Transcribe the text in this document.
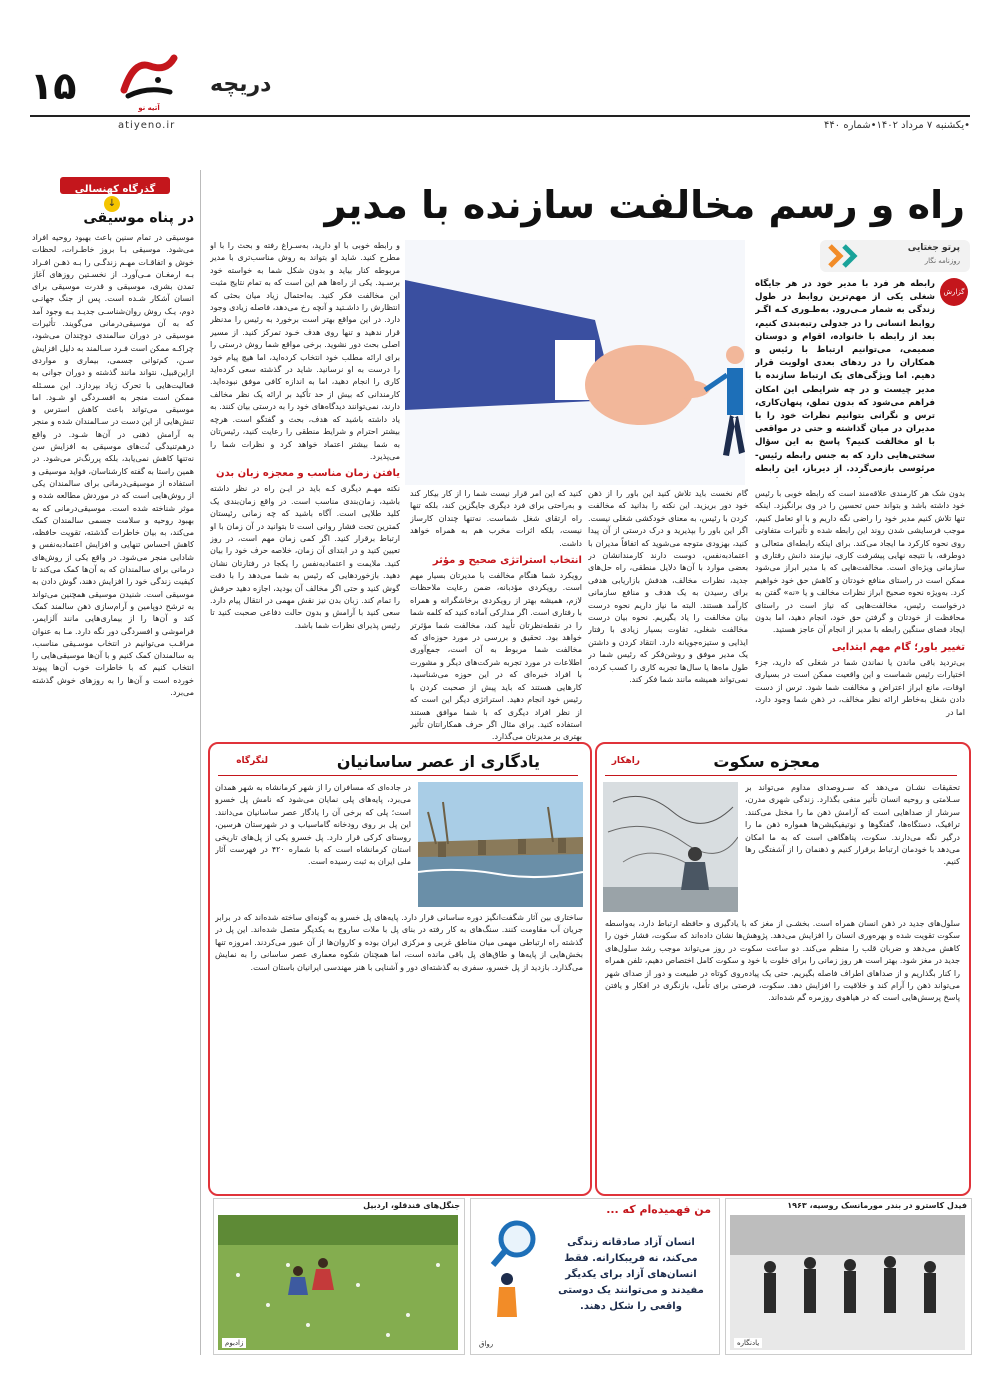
۱۵	آتیه نو
دریچه
atiyeno.ir	•یکشنبه ۷ مرداد ۱۴۰۲•شماره ۴۴۰
گذرگاه کهنسالی
↓
در پناه موسیقی
موسیقی در تمام سنین باعث بهبود روحیه افراد می‌شود. موسیقی بـا بروز خاطـرات، لحظات خوش و اتفاقـات مهـم زندگـی را بـه ذهـن افـراد بـه ارمغـان مـی‌آورد. از نخسـتین روزهای آغاز تمدن بشری، موسیقی و قدرت موسیقی برای انسان آشکار شـده است. پس از جنگ جهانـی دوم، یـک روش روان‌شناسـی جدیـد بـه وجود آمد که به آن موسیقی‌درمانی می‌گویند. تأثیرات موسیقی در دوران سالمندی دوچندان می‌شود، چراکـه ممکن است فـرد سـالمند به دلیل افزایش سـن، کم‌توانی جسمی، بیماری و مواردی ازاین‌قبیل، نتواند مانند گذشته و دوران جوانی به فعالیت‌هایی با تحرک زیاد بپردازد. این مسـئله ممکن است منجر به افسـردگی او شـود. اما موسیقی می‌تواند باعث کاهش استرس و تنش‌هایی از این دست در سـالمندان شده و منجر به آرامش ذهنی در آن‌ها شـود. در واقع درهم‌تنیدگی نُت‌های موسیقی به افزایش سن نه‌تنها کاهش نمی‌یابد، بلکه پررنگ‌تر می‌شود. در همین راستا به گفته کارشناسان، فواید موسیقی و استفاده از موسیقی‌درمانی برای سالمندان یکی از روش‌هایی است که در موردش مطالعه شده و موثر شناخته شده است. موسیقی‌درمانی که به بهبود روحیه و سلامت جسمی سالمندان کمک می‌کند، به بیان خاطرات گذشته، تقویت حافظه، کاهش احساس تنهایی و افزایش اعتمادبه‌نفس و شادابی منجر می‌شود. در واقع یکی از روش‌های درمانی برای سالمندان که به آن‌ها کمک می‌کند تا کیفیت زندگی خود را افزایش دهند، گوش دادن به موسیقی است. شنیدن موسیقی همچنین می‌تواند به ترشح دوپامین و آرام‌سازی ذهن سالمند کمک کند و آن‌ها را از بیماری‌هایی مانند آلزایمر، فراموشی و افسردگی دور نگه دارد. مـا به عنوان مراقـب می‌توانیم در انتخاب موسـیقی مناسب، به سالمندان کمک کنیم و با آن‌ها موسیقی‌هایی را انتخاب کنیم که با خاطرات خوب آن‌ها پیوند خورده است و آن‌ها را به روزهای خوش گذشته می‌برد.
راه و رسم مخالفت سازنده با مدیر
پرتو جغتایی
روزنامه نگار
گزارش
رابطه هر فرد با مدیر خود در هر جایگاه شغلی یکی از مهم‌ترین روابط در طول زندگی به شمار مـی‌رود. به‌طـوری کـه اگـر روابط انسانی را در جدولی رتبه‌بندی کنیم، بعد از رابطه با خانواده، اقوام و دوستان صمیمی، می‌توانیم ارتباط با رئیس و همکاران را در ردهای بعدی اولویت قرار دهیم. اما ویژگی‌های یک ارتباط سازنده با مدیر چیست و در چه شرایطی این امکان فراهم می‌شود که بدون تملق، پنهان‌کاری، ترس و نگرانی بتوانیم نظرات خود را با مدیران در میان گذاشته و حتی در مواقعی با او مخالفت کنیم؟ پاسخ به این سؤال سختی‌هایی دارد که به جنس رابطه رئیس-مرئوسی بازمی‌گردد. از دیرباز، این رابطه
بدون شک هر کارمندی علاقه‌مند است که رابطه خوبی با رئیس خود داشته باشد و بتواند حس تحسین را در وی برانگیزد. اینکه تنها تلاش کنیم مدیر خود را راضی نگه داریم و با او تعامل کنیم، موجب فرسایشی شدن روند این رابطه شده و تأثیرات متفاوتی روی نحوه کارکرد ما ایجاد می‌کند. برای اینکه رابطه‌ای متعالی و دوطرفه، با نتیجه نهایی پیشرفت کاری، نیازمند دانش رفتاری و سازمانی ویژه‌ای است. مخالفت‌هایی که با مدیر ابراز می‌شود ممکن است در راستای منافع خودتان و کاهش حق خود خواهیم کرد. به‌ویژه نحوه صحیح ابراز نظرات مخالف و یا «نه» گفتن به درخواست رئیس، مخالفت‌هایی که نیاز است در راستای محافظت از خودتان و گرفتن حق خود، انجام دهید، اما بدون ایجاد فضای سنگین رابطه با مدیر از انجام آن عاجز هستید.
تغییر باور؛ گام مهم ابتدایی
بی‌تردید باقی ماندن یا نماندن شما در شغلی که دارید، جزء اختیارات رئیس شماست و این واقعیت ممکن است در بسیاری اوقات، مانع ابراز اعتراض و مخالفت شما شود. ترس از دست دادن شغل به‌خاطر ارائه نظر مخالف، در ذهن شما وجود دارد، اما در
گام نخست باید تلاش کنید این باور را از ذهن خود دور بریزید. این نکته را بدانید که مخالفت کردن با رئیس، به معنای خودکشی شغلی نیست. اگر این باور را بپذیرید و درک درستی از آن پیدا کنید، بهزودی متوجه می‌شوید که اتفاقاً مدیران با اعتمادبه‌نفس، دوست دارند کارمندانشان در بعضی موارد با آن‌ها دلایل منطقی، راه حل‌های جدید، نظرات مخالف، هدفش بازاریابی هدفی برای رسیدن به یک هدف و منافع سازمانی کارآمد هستند. البته ما نیاز داریم نحوه درست بیان مخالفت را یاد بگیریم. نحوه بیان درست مخالفت شغلی، تفاوت بسیار زیادی با رفتار ایذایی و ستیزه‌جویانه دارد. انتقاد کردن و داشتن یک مدیر موفق و روشن‌فکر که رئیس شما در طول ماه‌ها یا سال‌ها تجربه کاری را کسب کرده، نمی‌تواند همیشه مانند شما فکر کند.
کنید که این امر قرار نیست شما را از کار بیکار کند و به‌راحتی برای فرد دیگری جایگزین کند، بلکه تنها راه ارتقای شغل شماست. نه‌تنها چندان کارساز نیست، بلکه اثرات مخرب هم به همراه خواهد داشت.
انتخاب استراتژی صحیح و مؤثر
رویکرد شما هنگام مخالفت با مدیرتان بسیار مهم است. رویکردی مؤدبانه، ضمن رعایت ملاحظات لازم، همیشه بهتر از رویکردی برخاشگرانه و همراه با رفتاری است. اگر مدارکی آماده کنید که کلمه شما را در نقطه‌نظرتان تأیید کند، مخالفت شما مؤثرتر خواهد بود. تحقیق و بررسی در مورد حوزه‌ای که مخالفت شما مربوط به آن است، جمع‌آوری اطلاعات در مورد تجربه شرکت‌های دیگر و مشورت با افراد خبره‌ای که در این حوزه می‌شناسید، کارهایی هستند که باید پیش از صحبت کردن با رئیس خود انجام دهید. استراتژی دیگر این است که از نظر افراد دیگری که با شما موافق هستند استفاده کنید. برای مثال اگر حرف همکارانتان تأثیر بهتری بر مدیرتان می‌گذارد.
و رابطه خوبی با او دارید، به‌سـراغ رفته و بحث را با او مطرح کنید. شاید او بتواند به روش مناسب‌تری با مدیر مربوطه کنار بیاید و بدون شکل شما به خواسته خود برسـید. یکی از راه‌ها هم این است که به تمام نتایج مثبت این مخالفت فکر کنید. به‌احتمال زیاد میان بحثی که انتظارش را داشـتید و آنچه رخ می‌دهد، فاصله زیادی وجود دارد. در این مواقع بهتر است برخورد به رئیس را مدنظر قرار ندهید و تنها روی هدف خـود تمرکز کنید. از مسیر اصلی بحث دور نشوید. برخی مواقع شما روش درستی را برای ارائه مطلب خود انتخاب کرده‌اید، اما هیچ پیام خود را درست به او نرسانید. شاید در گذشته سعی کرده‌اید کاری را انجام دهید، اما به اندازه کافی موفق نبوده‌اید. کارمندانی که بیش از حد تأکید بر ارائه یک نظر مخالف دارند، نمی‌توانند دیدگاه‌های خود را به درستی بیان کنند. به یاد داشته باشید که هدف، بحث و گفتگو است. هرچه بیشتر احترام و شرایط منطقی را رعایت کنید، رئیس‌تان به شما بیشتر اعتماد خواهد کرد و نظرات شما را می‌پذیرد.
یافتن زمان مناسب و معجزه زبان بدن
نکته مهـم دیگری کـه باید در ایـن راه در نظر داشته باشید، زمان‌بندی مناسب است. در واقع زمان‌بندی یک کلید طلایی است. آگاه باشید که چه زمانی رئیستان کمترین تحت فشار روانی است تا بتوانید در آن زمان با او ارتباط برقرار کنید. اگر کمی زمان مهم است، در روز تعیین کنید و در ابتدای آن زمان، خلاصه حرف خود را بیان کنید. ملایمت و اعتمادبه‌نفس را یکجا در رفتارتان نشان دهید. بازخوردهایی که رئیس به شما می‌دهد را با دقت گوش کنید و حتی اگر مخالف آن بودید، اجازه دهید حرفش را تمام کند. زبان بدن نیز نقش مهمی در انتقال پیام دارد. سعی کنید با آرامش و بدون حالت دفاعی صحبت کنید تا رئیس پذیرای نظرات شما باشد.
معجزه سکوت
راهکار
تحقیقات نشـان می‌دهد که سـروصدای مداوم می‌تواند بر سـلامتی و روحیه انسان تأثیر منفی بگذارد. زندگی شهری مدرن، سرشار از صداهایی است که آرامش ذهن ما را مختل می‌کنند. ترافیک، دستگاه‌ها، گفتگوها و نوتیفیکیشن‌ها همواره ذهن ما را درگیر نگه می‌دارند. سکوت، پناهگاهی است که به ما امکان می‌دهد با خودمان ارتباط برقرار کنیم و ذهنمان را از آشفتگی رها کنیم.
سلول‌های جدید در ذهن انسان همراه است. بخشـی از مغز که با یادگیری و حافظه ارتباط دارد، به‌واسطه سکوت تقویت شده و بهره‌وری انسان را افزایش می‌دهد. پژوهش‌ها نشان داده‌اند که سکوت، فشار خون را کاهش می‌دهد و ضربان قلب را منظم می‌کند. دو ساعت سکوت در روز می‌تواند موجب رشد سلول‌های جدید در مغز شود. بهتر است هر روز زمانی را برای خلوت با خود و سکوت کامل اختصاص دهیم، تلفن همراه را کنار بگذاریم و از صداهای اطراف فاصله بگیریم. حتی یک پیاده‌روی کوتاه در طبیعت و دور از صدای شهر می‌تواند ذهن را آرام کند و خلاقیت را افزایش دهد. سکوت، فرصتی برای تأمل، بازنگری در افکار و یافتن پاسخ پرسش‌هایی است که در هیاهوی روزمره گم شده‌اند.
یادگاری از عصر ساسانیان
لنگرگاه
در جاده‌ای که مسافران را از شهر کرمانشاه به شهر همدان می‌برد، پایه‌های پلی نمایان می‌شود که نامش پل خسرو است؛ پلی که برخی آن را یادگار عصر ساسانیان می‌دانند. این پل بر روی رودخانه گاماسیاب و در شهرستان هرسین، روستای کرکی قرار دارد. پل خسرو یکی از پل‌های تاریخی استان کرمانشاه است که با شماره ۴۲۰ در فهرست آثار ملی ایران به ثبت رسیده است.
ساختاری بین آثار شگفت‌انگیز دوره ساسانی قرار دارد. پایه‌های پل خسرو به گونه‌ای ساخته شده‌اند که در برابر جریان آب مقاومت کنند. سنگ‌های به کار رفته در بنای پل با ملات ساروج به یکدیگر متصل شده‌اند. این پل در گذشته راه ارتباطی مهمی میان مناطق غربی و مرکزی ایران بوده و کاروان‌ها از آن عبور می‌کردند. امروزه تنها بخش‌هایی از پایه‌ها و طاق‌های پل باقی مانده است، اما همچنان شکوه معماری عصر ساسانی را به نمایش می‌گذارد. بازدید از پل خسرو، سفری به گذشته‌ای دور و آشنایی با هنر مهندسی ایرانیان باستان است.
فیدل کاسترو در بندر مورمانسک روسیه، ۱۹۶۳
یادنگاره
من فهمیده‌ام که ...
انسان آزاد صادقانه زندگی می‌کند، نه فریبکارانه. فقط انسان‌های آزاد برای یکدیگر مفیدند و می‌توانند یک دوستی واقعی را شکل دهند.
رواق
جنگل‌های فندقلو، اردبیل
زادبوم
